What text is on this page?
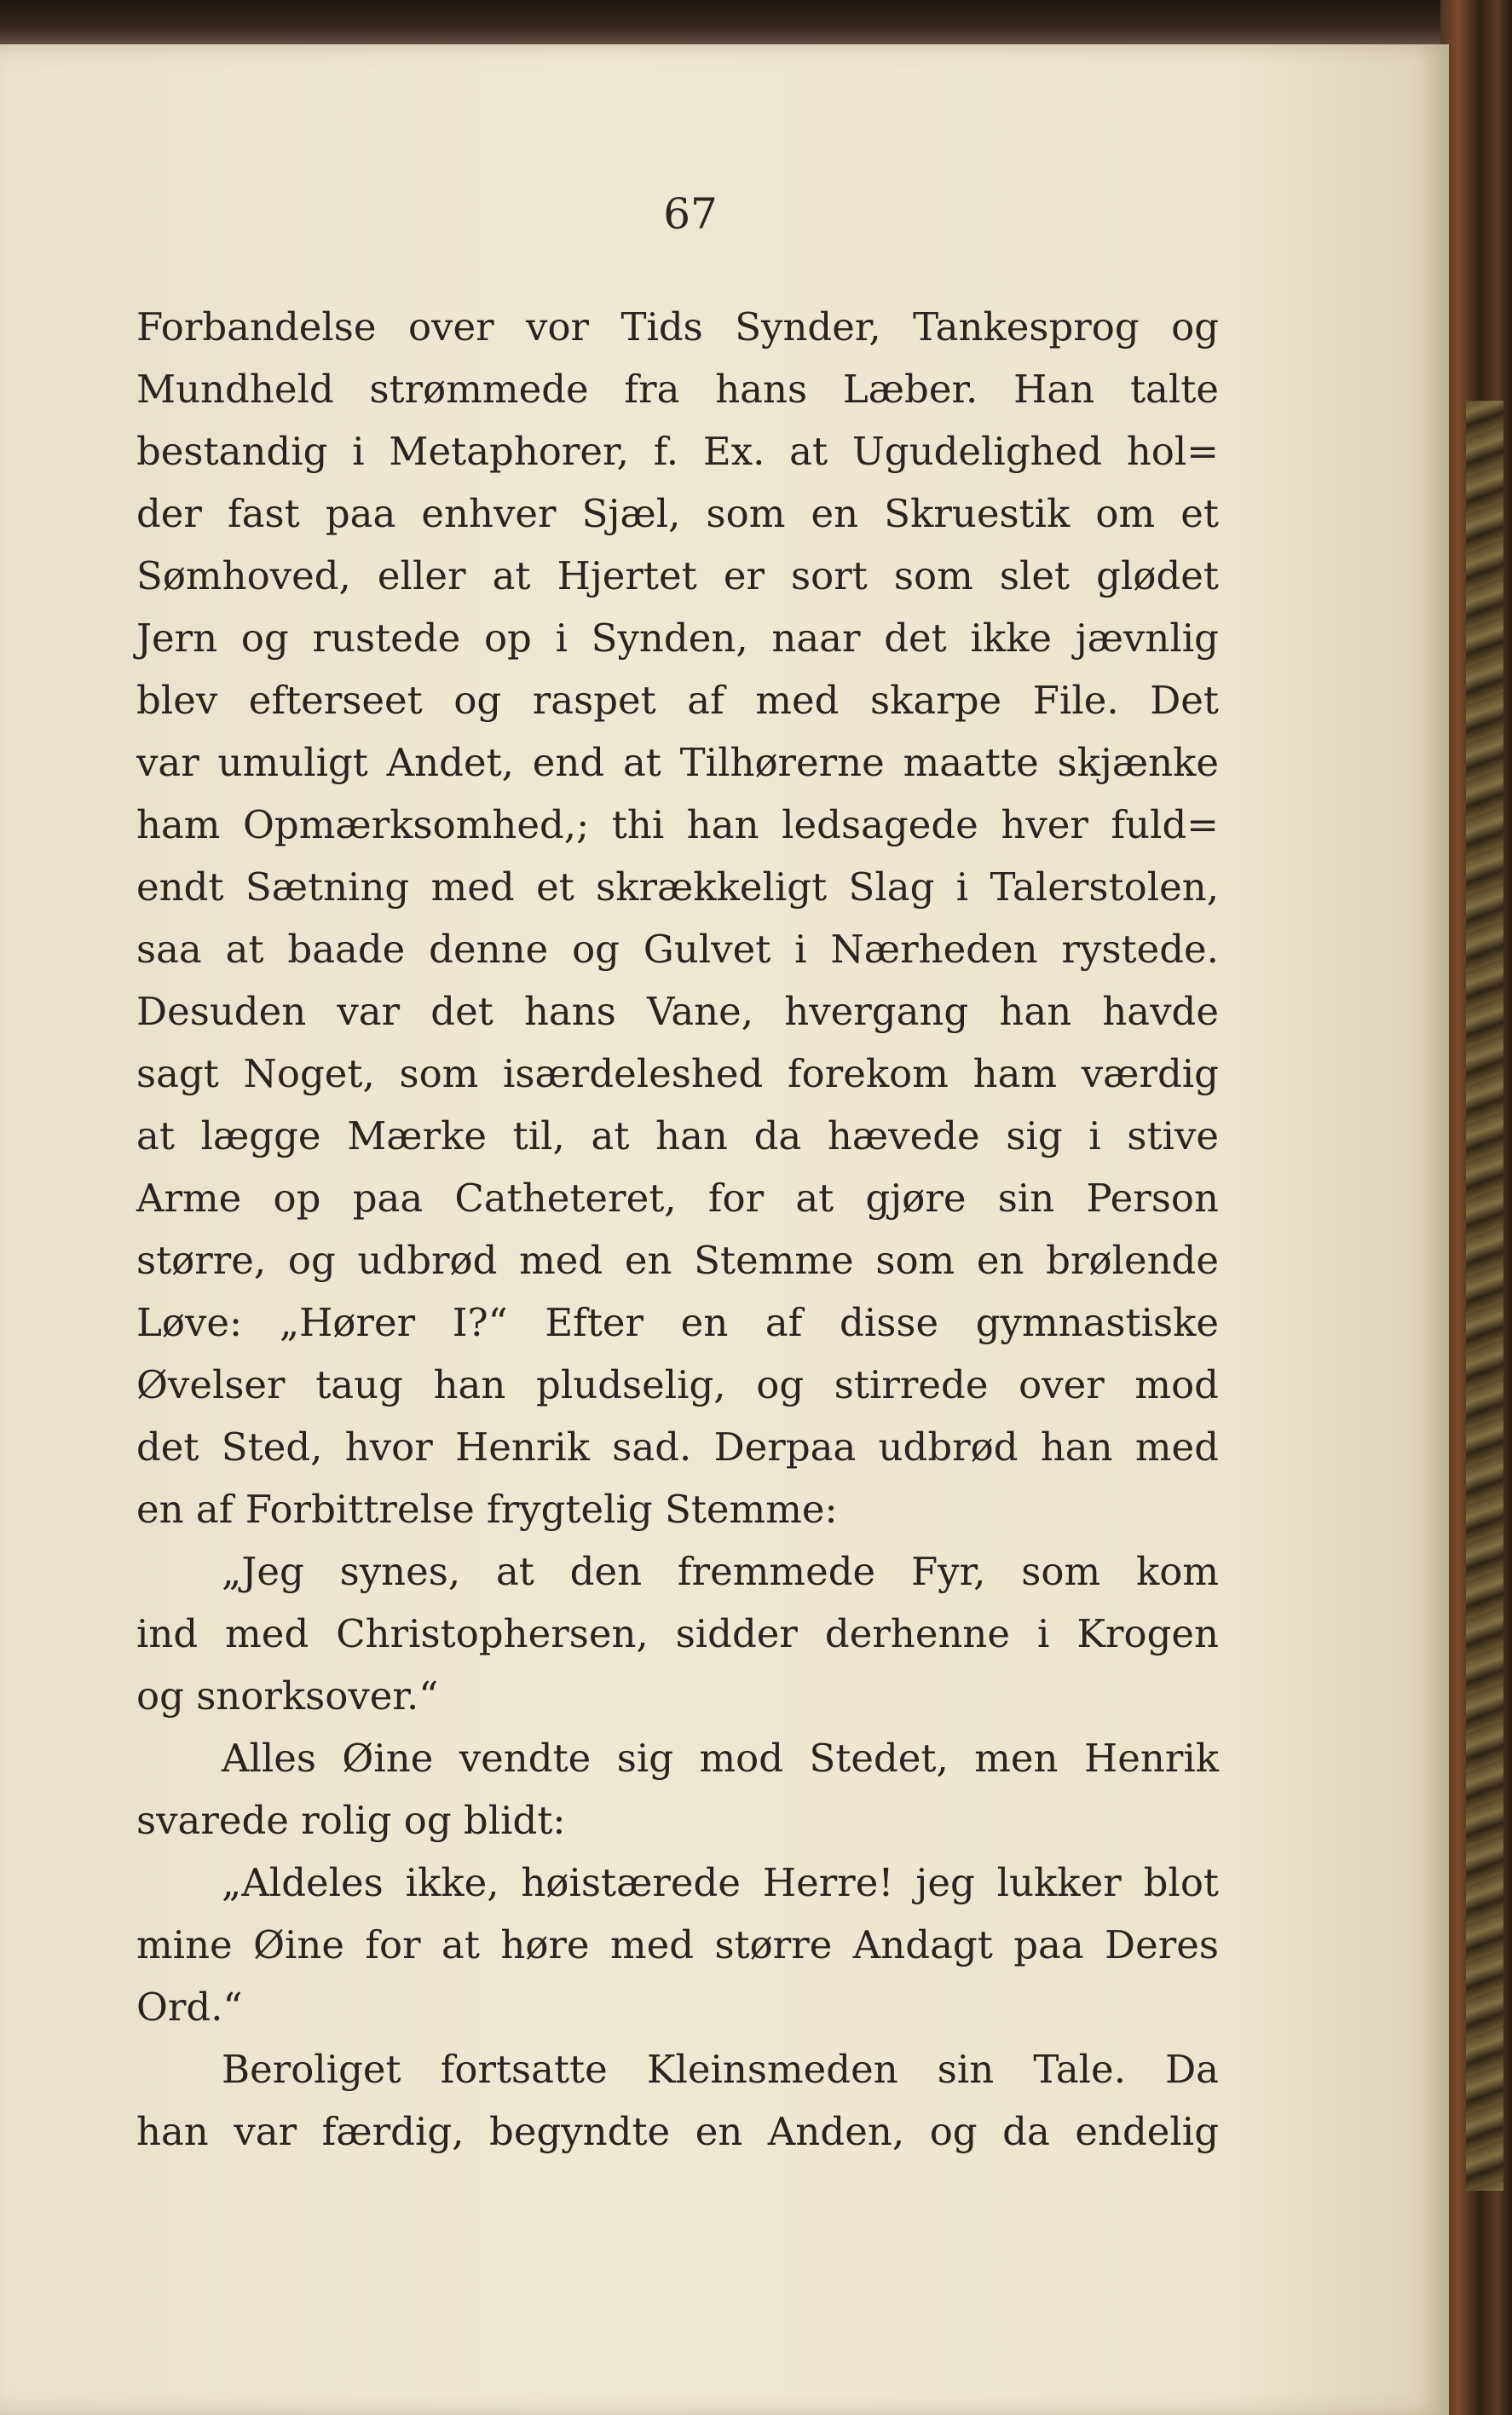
67
Forbandelse over vor Tids Synder, Tankesprog og
Mundheld strømmede fra hans Læber. Han talte
bestandig i Metaphorer, f. Ex. at Ugudelighed hol=
der fast paa enhver Sjæl, som en Skruestik om et
Sømhoved, eller at Hjertet er sort som slet glødet
Jern og rustede op i Synden, naar det ikke jævnlig
blev efterseet og raspet af med skarpe File. Det
var umuligt Andet, end at Tilhørerne maatte skjænke
ham Opmærksomhed,; thi han ledsagede hver fuld=
endt Sætning med et skrækkeligt Slag i Talerstolen,
saa at baade denne og Gulvet i Nærheden rystede.
Desuden var det hans Vane, hvergang han havde
sagt Noget, som isærdeleshed forekom ham værdig
at lægge Mærke til, at han da hævede sig i stive
Arme op paa Catheteret, for at gjøre sin Person
større, og udbrød med en Stemme som en brølende
Løve: „Hører I?“ Efter en af disse gymnastiske
Øvelser taug han pludselig, og stirrede over mod
det Sted, hvor Henrik sad. Derpaa udbrød han med
en af Forbittrelse frygtelig Stemme:
„Jeg synes, at den fremmede Fyr, som kom
ind med Christophersen, sidder derhenne i Krogen
og snorksover.“
Alles Øine vendte sig mod Stedet, men Henrik
svarede rolig og blidt:
„Aldeles ikke, høistærede Herre! jeg lukker blot
mine Øine for at høre med større Andagt paa Deres
Ord.“
Beroliget fortsatte Kleinsmeden sin Tale. Da
han var færdig, begyndte en Anden, og da endelig
